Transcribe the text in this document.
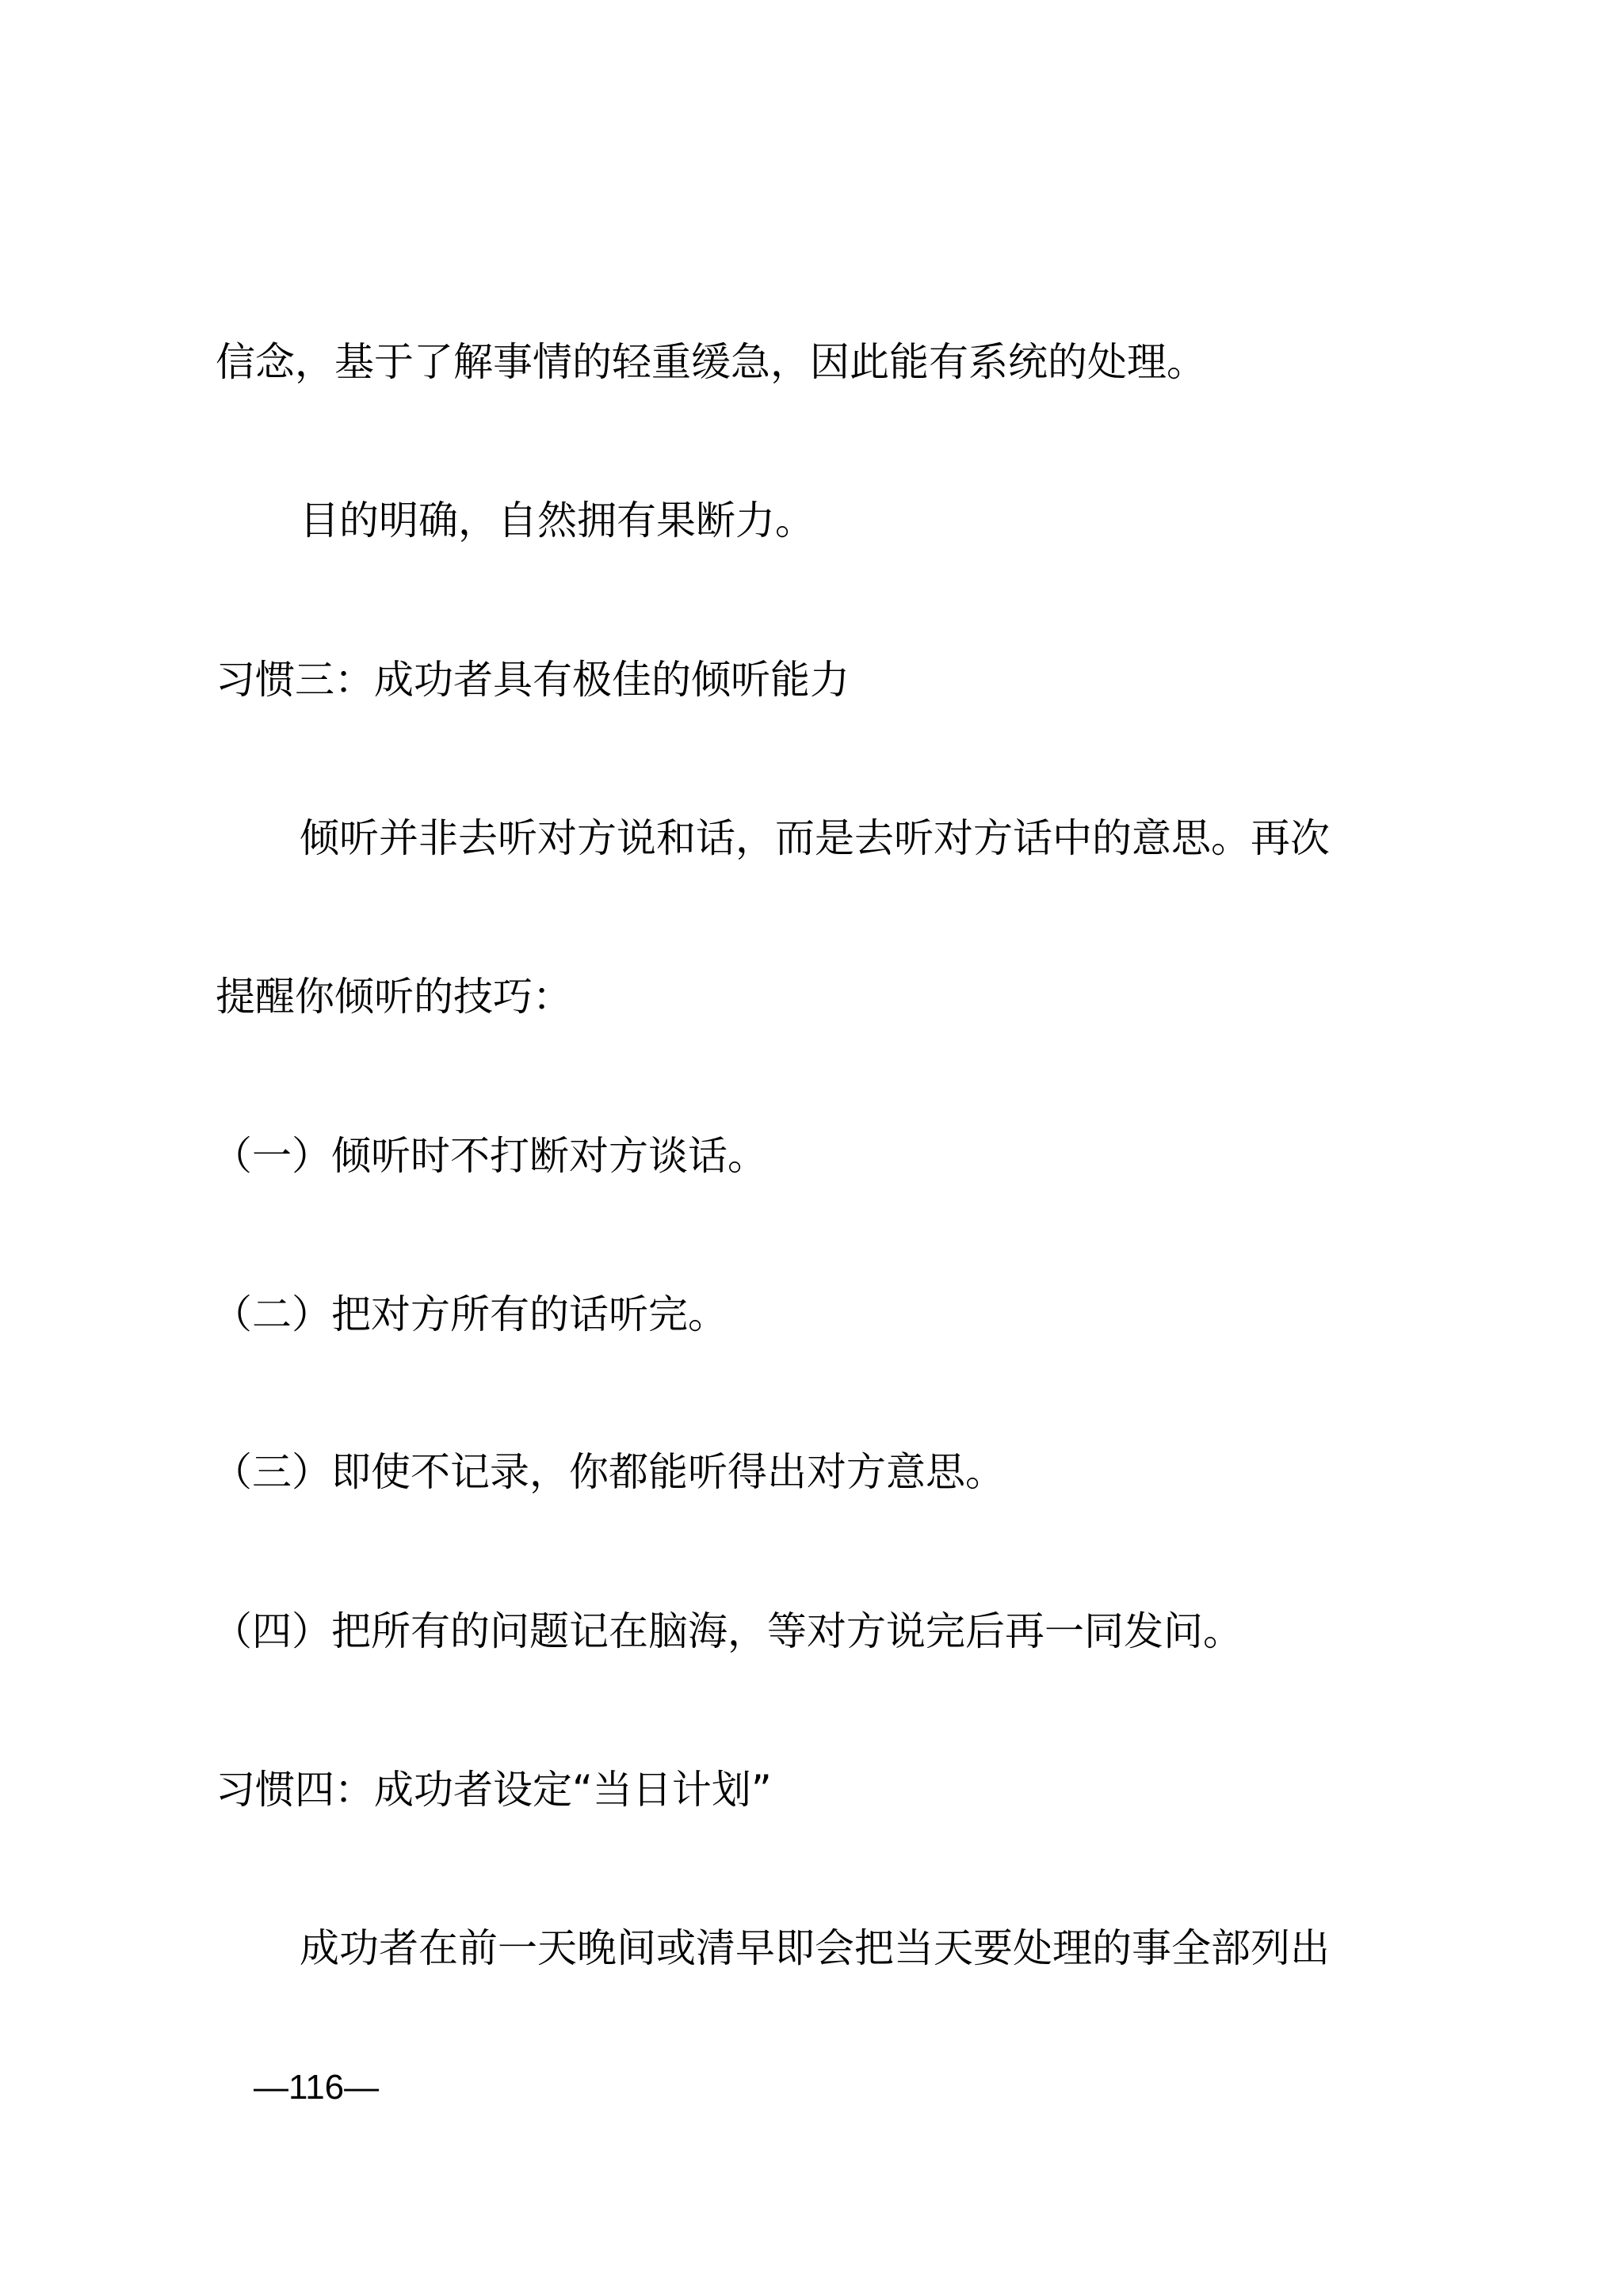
信念，基于了解事情的轻重缓急，因此能有系统的处理。
目的明确，自然拥有果断力。
习惯三：成功者具有极佳的倾听能力
倾听并非去听对方说和话，而是去听对方话中的意思。再次
提醒你倾听的技巧：
（一）倾听时不打断对方谈话。
（二）把对方所有的话听完。
（三）即使不记录，你都能听得出对方意思。
（四）把所有的问题记在脑海，等对方说完后再一同发问。
习惯四：成功者设定“当日计划”
成功者在前一天晚间或清早即会把当天要处理的事全部列出
—116—
